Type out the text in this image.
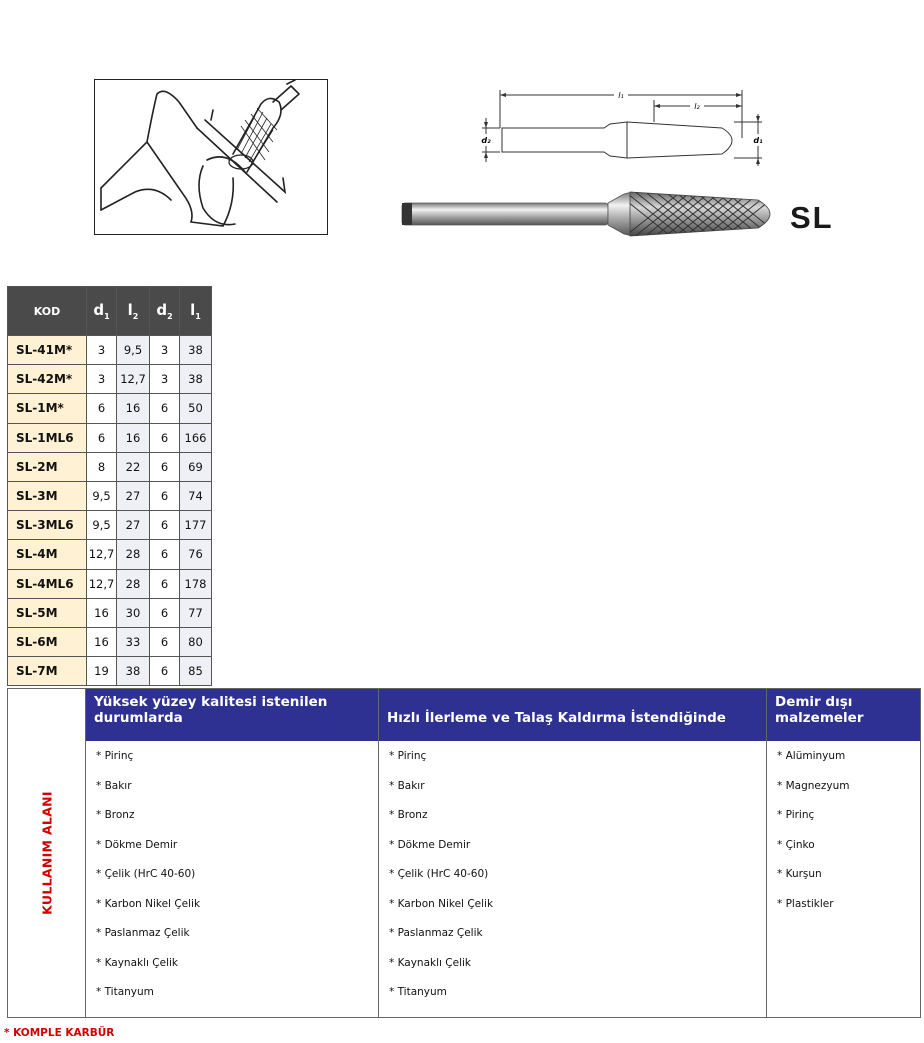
l₁
l₂
d₂	d₁
SL
KOD	$d_1$	$l_2$	$d_2$	$l_1$
SL-41M*	3	9,5	3	38
SL-42M*	3	12,7	3	38
SL-1M*	6	16	6	50
SL-1ML6	6	16	6	166
SL-2M	8	22	6	69
SL-3M	9,5	27	6	74
SL-3ML6	9,5	27	6	177
SL-4M	12,7	28	6	76
SL-4ML6	12,7	28	6	178
SL-5M	16	30	6	77
SL-6M	16	33	6	80
SL-7M	19	38	6	85
KULLANIM ALANI
Yüksek yüzey kalitesi istenilen durumlarda
* Pirinç
* Bakır
* Bronz
* Dökme Demir
* Çelik (HrC 40-60)
* Karbon Nikel Çelik
* Paslanmaz Çelik
* Kaynaklı Çelik
* Titanyum
Hızlı İlerleme ve Talaş Kaldırma İstendiğinde
* Pirinç
* Bakır
* Bronz
* Dökme Demir
* Çelik (HrC 40-60)
* Karbon Nikel Çelik
* Paslanmaz Çelik
* Kaynaklı Çelik
* Titanyum
Demir dışı malzemeler
* Alüminyum
* Magnezyum
* Pirinç
* Çinko
* Kurşun
* Plastikler
* KOMPLE KARBÜR
